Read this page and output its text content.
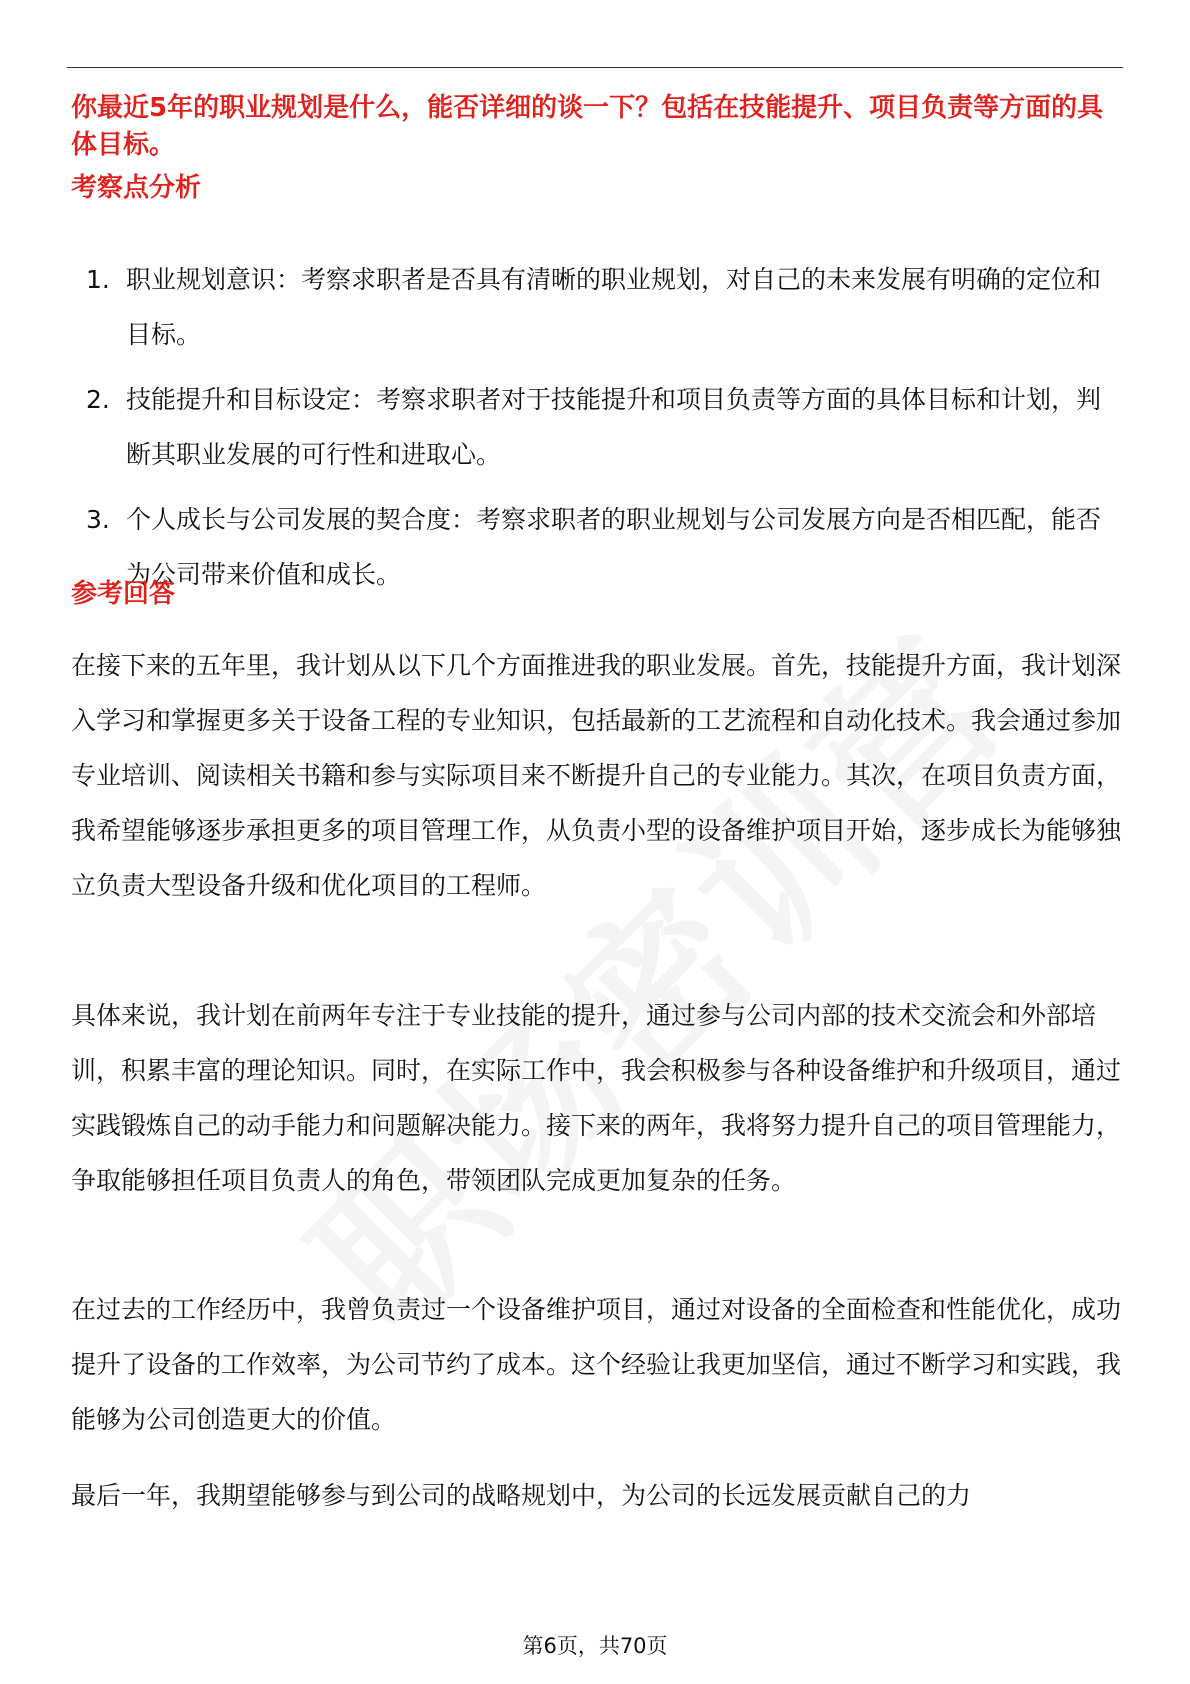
你最近5年的职业规划是什么，能否详细的谈一下？包括在技能提升、项目负责等方面的具体目标。

考察点分析
1. 职业规划意识：考察求职者是否具有清晰的职业规划，对自己的未来发展有明确的定位和目标。
2. 技能提升和目标设定：考察求职者对于技能提升和项目负责等方面的具体目标和计划，判断其职业发展的可行性和进取心。
3. 个人成长与公司发展的契合度：考察求职者的职业规划与公司发展方向是否相匹配，能否为公司带来价值和成长。
参考回答

在接下来的五年里，我计划从以下几个方面推进我的职业发展。首先，技能提升方面，我计划深入学习和掌握更多关于设备工程的专业知识，包括最新的工艺流程和自动化技术。我会通过参加专业培训、阅读相关书籍和参与实际项目来不断提升自己的专业能力。其次，在项目负责方面，我希望能够逐步承担更多的项目管理工作，从负责小型的设备维护项目开始，逐步成长为能够独立负责大型设备升级和优化项目的工程师。

具体来说，我计划在前两年专注于专业技能的提升，通过参与公司内部的技术交流会和外部培训，积累丰富的理论知识。同时，在实际工作中，我会积极参与各种设备维护和升级项目，通过实践锻炼自己的动手能力和问题解决能力。接下来的两年，我将努力提升自己的项目管理能力，争取能够担任项目负责人的角色，带领团队完成更加复杂的任务。

在过去的工作经历中，我曾负责过一个设备维护项目，通过对设备的全面检查和性能优化，成功提升了设备的工作效率，为公司节约了成本。这个经验让我更加坚信，通过不断学习和实践，我能够为公司创造更大的价值。

最后一年，我期望能够参与到公司的战略规划中，为公司的长远发展贡献自己的力

第6页，共70页
